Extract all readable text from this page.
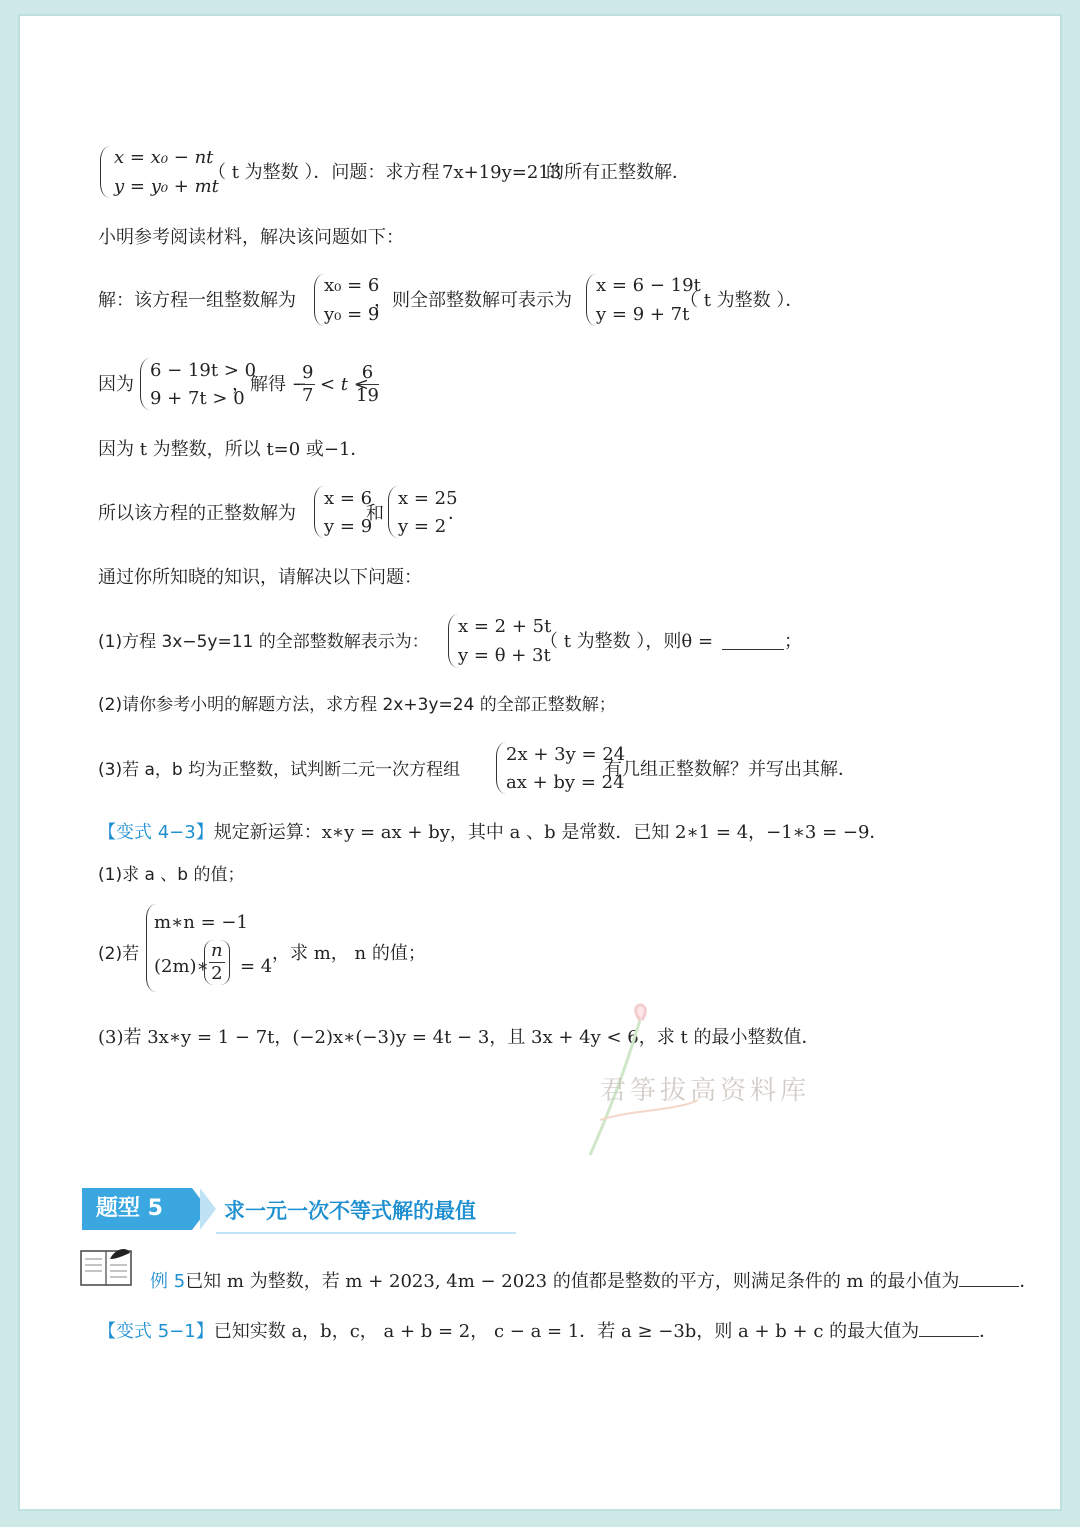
x = x₀ − nt
y = y₀ + mt
（ t 为整数 ）．问题：求方程 7x+19y=213
的所有正整数解．
小明参考阅读材料，解决该问题如下：
解：该方程一组整数解为
x₀ = 6
y₀ = 9
，则全部整数解可表示为
x = 6 − 19t
y = 9 + 7t
（ t 为整数 ）．
因为
6 − 19t > 0
9 + 7t > 0
，解得 −
$\frac{9}{7} < t$ <
$\frac{6}{19}$
因为 t 为整数，所以 t=0 或−1．
所以该方程的正整数解为
x = 6
y = 9
和
x = 25
y = 2
．
通过你所知晓的知识，请解决以下问题：
(1)方程 3x−5y=11 的全部整数解表示为：
x = 2 + 5t
y = θ + 3t
（ t 为整数 ），则θ =	；
(2)请你参考小明的解题方法，求方程 2x+3y=24 的全部正整数解；
(3)若 a，b 均为正整数，试判断二元一次方程组
2x + 3y = 24
ax + by = 24
有几组正整数解？并写出其解．
【变式 4−3】规定新运算：x∗y = ax + by，其中 a 、b 是常数．已知 2∗1 = 4，−1∗3 = −9．
(1)求 a 、b 的值；
(2)若
m∗n = −1
(2m)∗ $\frac{n}{2} = 4$
，求 m， n 的值；
(3)若 3x∗y = 1 − 7t，(−2)x∗(−3)y = 4t − 3，且 3x + 4y < 6，求 t 的最小整数值．
君筝拔高资料库
题型 5	求一元一次不等式解的最值
例 5已知 m 为整数，若 m + 2023, 4m − 2023 的值都是整数的平方，则满足条件的 m 的最小值为	．
【变式 5−1】已知实数 a，b，c， a + b = 2， c − a = 1．若 a ≥ −3b，则 a + b + c 的最大值为	．
